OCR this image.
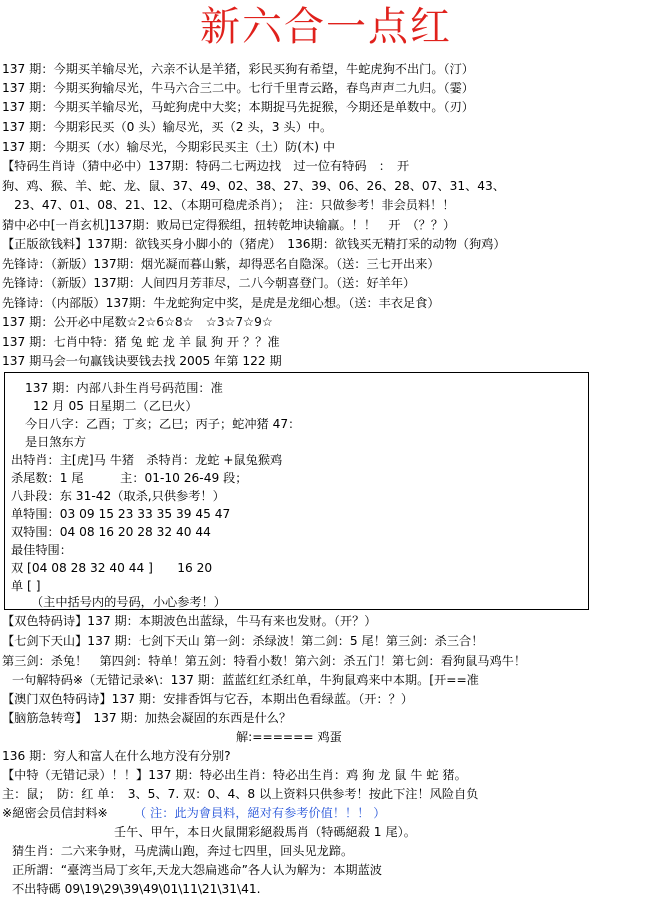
新六合一点红
137 期：今期买羊输尽光，六亲不认是羊猪，彩民买狗有希望，牛蛇虎狗不出门。（汀）
137 期：今期买狗输尽光，牛马六合三二中。七行千里青云路，春鸟声声二九归。（霎）
137 期：今期买羊输尽光，马蛇狗虎中大奖；本期捉马先捉猴，今期还是单数中。（刃）
137 期：今期彩民买（0 头）输尽光，买（2 头，3 头）中。
137 期：今期买（水）输尽光，今期彩民买主（土）防(木) 中
【特码生肖诗（猜中必中）137期：特码二七两边找　过一位有特码　：　开
狗、鸡、猴、羊、蛇、龙、鼠、37、49、02、38、27、39、06、26、28、07、31、43、
　23、47、01、08、21、12、（本期可稳虎杀肖）；　注：只做参考！非会员料！！
猜中必中[一肖玄机]137期：败局已定得猴组，扭转乾坤诀输赢。！！　开　（？？）
【正版欲钱料】137期：欲钱买身小脚小的（猪虎）　136期：欲钱买无精打采的动物（狗鸡）
先锋诗：（新版）137期：烟光凝而暮山紫，却得恶名自隐深。（送：三七开出来）
先锋诗：（新版）137期：人间四月芳菲尽，二八今朝喜登门。（送：好羊年）
先锋诗：（内部版）137期：牛龙蛇狗定中奖，是虎是龙细心想。（送：丰衣足食）
137 期：公开必中尾数☆2☆6☆8☆　☆3☆7☆9☆
137 期：七肖中特：猪 兔 蛇 龙 羊 鼠 狗 开 ？？准
137 期马会一句赢钱诀要钱去找 2005 年第 122 期
137 期：内部八卦生肖号码范围：准
12 月 05 日星期二（乙巳火）
今日八字：乙酉；丁亥；乙巳；丙子；蛇冲猪 47：
是日煞东方
出特肖：主[虎]马 牛猪　杀特肖：龙蛇 +鼠兔猴鸡
杀尾数：1 尾　　　主：01-10 26-49 段；
八卦段：东 31-42（取杀,只供参考！）
单特围：03 09 15 23 33 35 39 45 47
双特围：04 08 16 20 28 32 40 44
最佳特围：
双 [04 08 28 32 40 44 ]　　16 20
单 [ ]
（主中括号内的号码，小心参考！）
【双色特码诗】137 期：本期波色出蓝绿，牛马有来也发财。（开？）
【七剑下天山】137 期：七剑下天山 第一剑：杀绿波！第二剑：5 尾！第三剑：杀三合！
第三剑：杀兔！　第四剑：特单！第五剑：特看小数！第六剑：杀五门！第七剑：看狗鼠马鸡牛！
一句解特码※（无错记录※\：137 期：蓝蓝红红杀红单，牛狗鼠鸡来中本期。[开==准
【澳门双色特码诗】137 期：安排香饵与它吞，本期出色看绿蓝。（开：？）
【脑筋急转弯】　137 期：加热会凝固的东西是什么？
解:====== 鸡蛋
136 期：穷人和富人在什么地方没有分别?
【中特（无错记录）！！】137 期：特必出生肖：特必出生肖：鸡 狗 龙 鼠 牛 蛇 猪。
主：鼠；　防：红 单：　3、5、7. 双：0、4、8 以上资料只供参考！按此下注！风险自负
※絕密会员信封料※ （ 注：此为會員料，絕对有参考价值！！！ ）
壬午、甲午，本日火鼠開彩絕殺馬肖（特碼絕殺 1 尾）。
猜生肖：二六来争财，马虎满山跑，奔过七四里，回头见龙蹄。
正所謂：“臺湾当局丁亥年,天龙大怨扁逃命”各人认为解为：本期蓝波
不出特碼 09\19\29\39\49\01\11\21\31\41.
